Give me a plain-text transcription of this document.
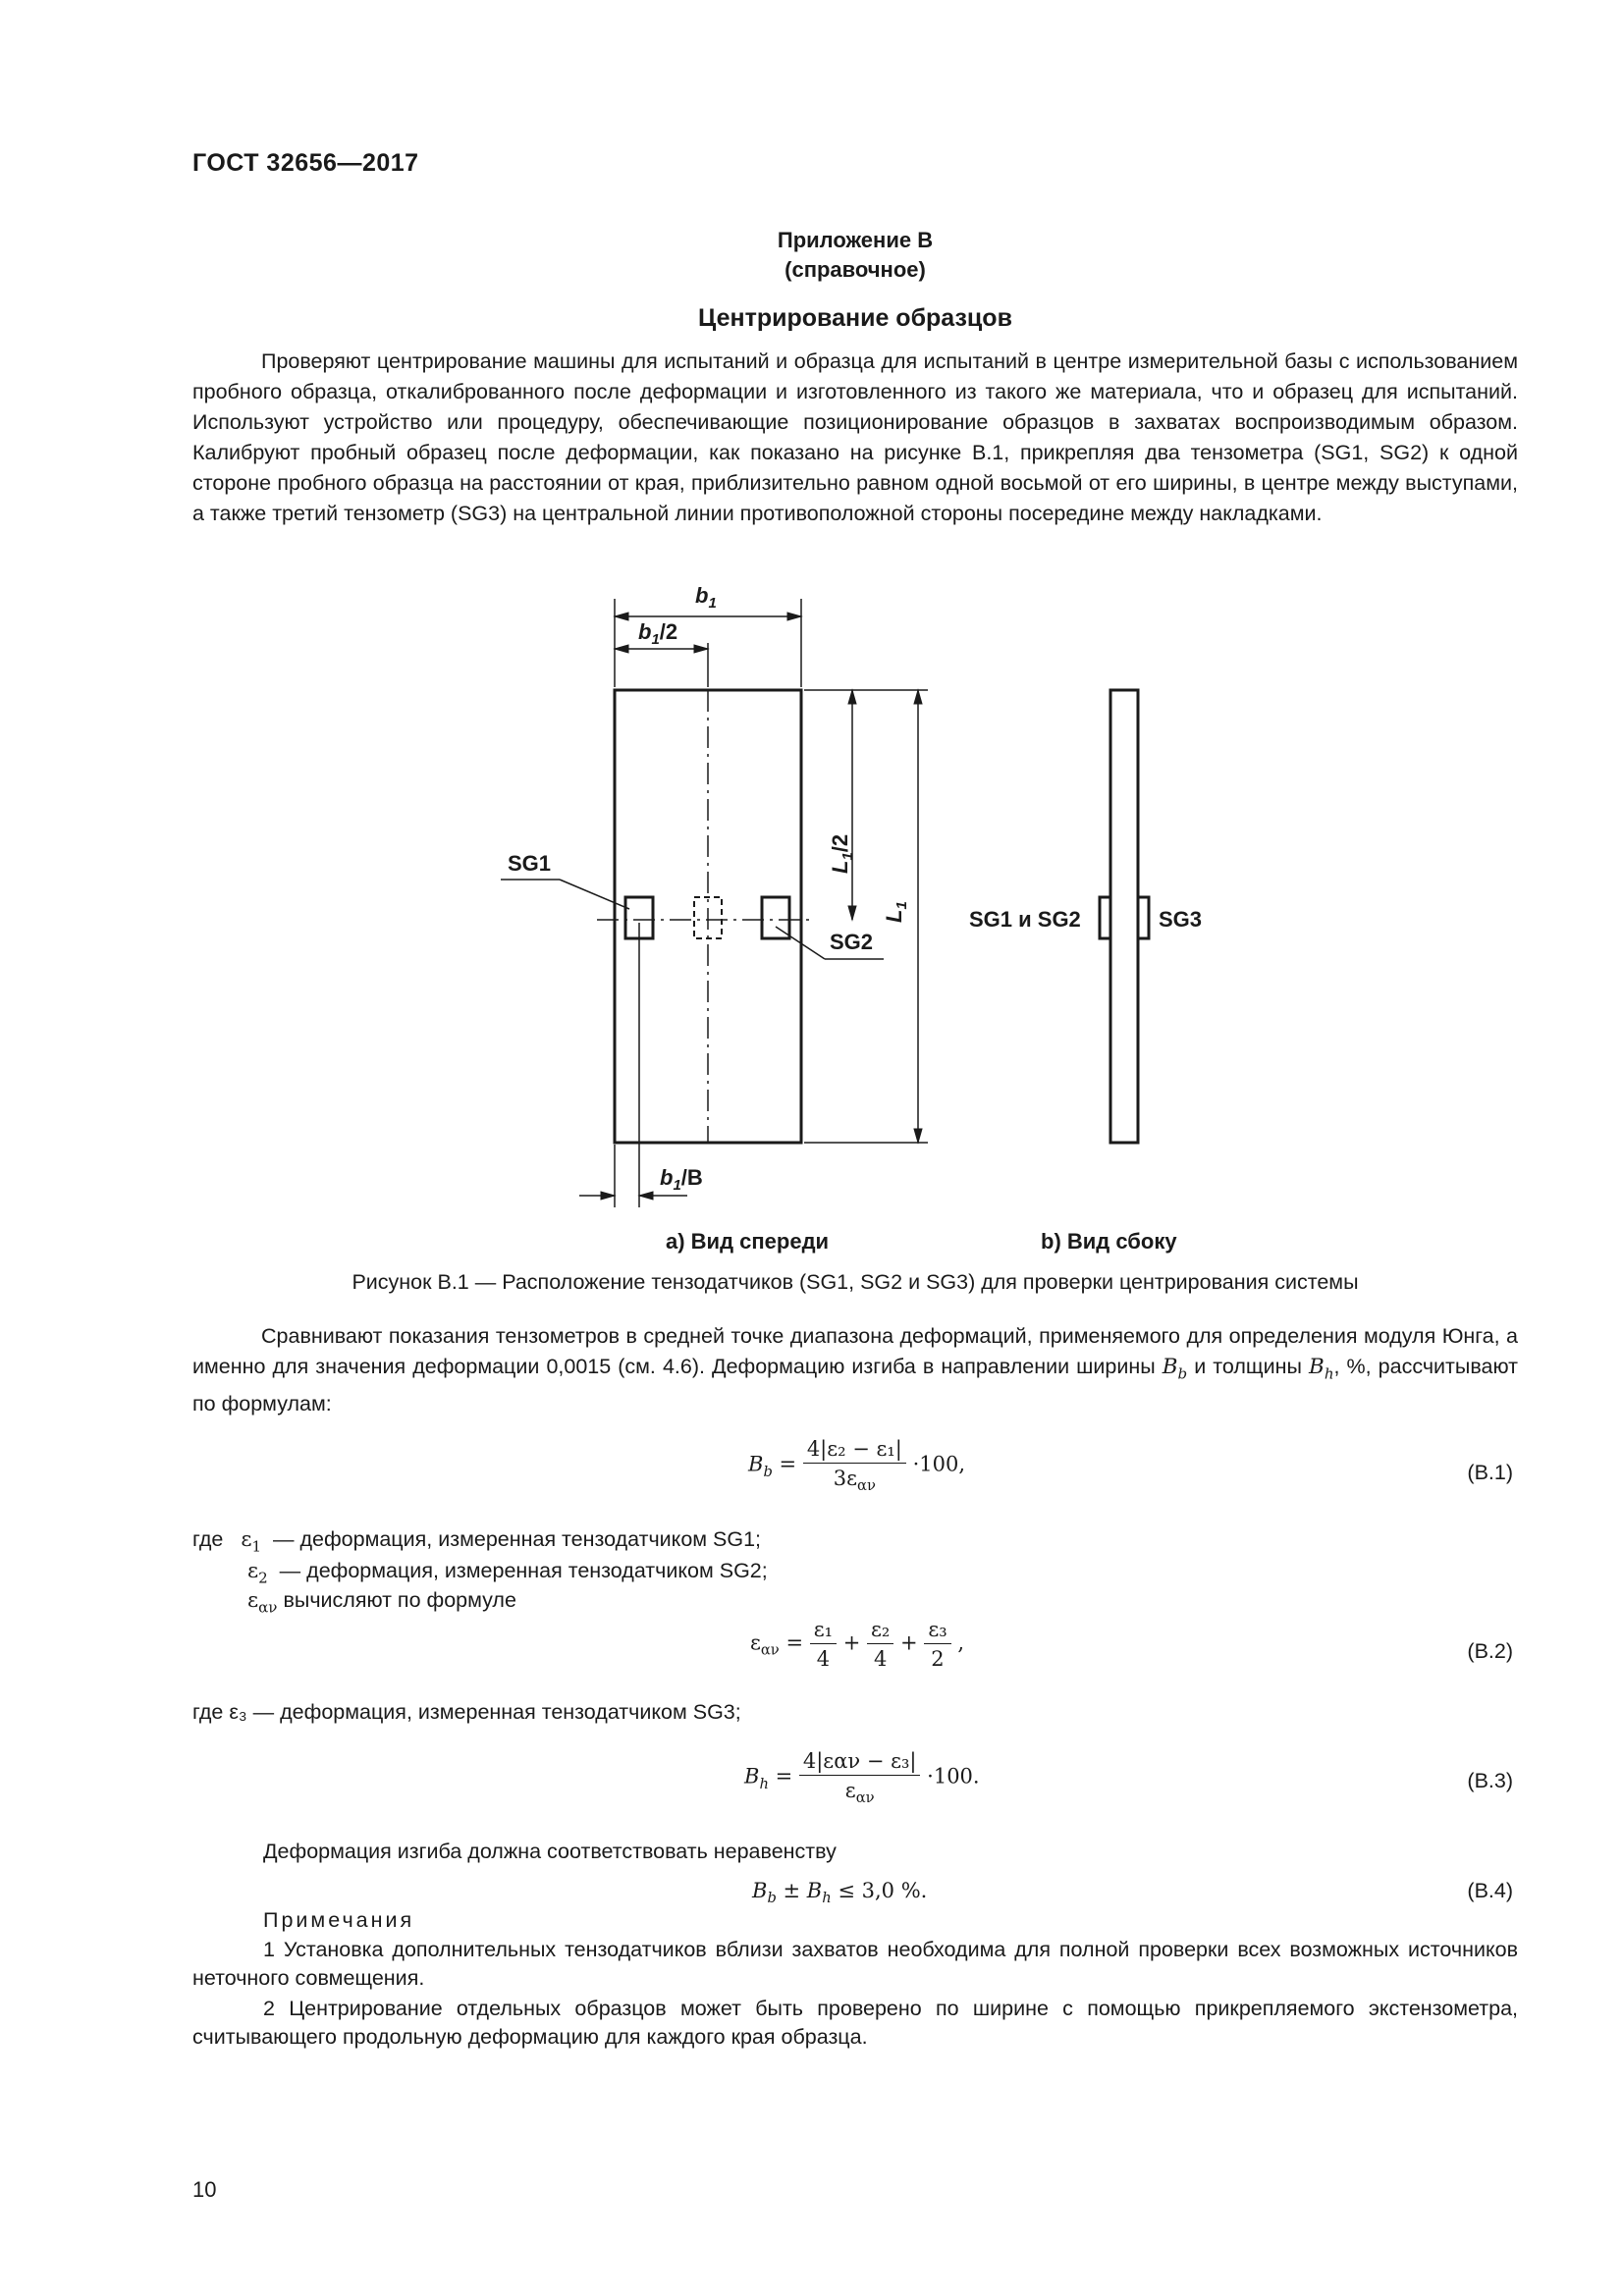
ГОСТ 32656—2017
Приложение В
(справочное)
Центрирование образцов
Проверяют центрирование машины для испытаний и образца для испытаний в центре измерительной базы с использованием пробного образца, откалиброванного после деформации и изготовленного из такого же материала, что и образец для испытаний. Используют устройство или процедуру, обеспечивающие позиционирование образцов в захватах воспроизводимым образом. Калибруют пробный образец после деформации, как показано на рисунке В.1, прикрепляя два тензометра (SG1, SG2) к одной стороне пробного образца на расстоянии от края, приблизительно равном одной восьмой от его ширины, в центре между выступами, а также третий тензометр (SG3) на центральной линии противоположной стороны посередине между накладками.
$b_1$
$b_1/2$
SG1
SG2
$L_1/2$
$L_1$
$b_1/В$
SG1 и SG2	SG3
a) Вид спереди	b) Вид сбоку
Рисунок В.1 — Расположение тензодатчиков (SG1, SG2 и SG3) для проверки центрирования системы
Сравнивают показания тензометров в средней точке диапазона деформаций, применяемого для определения модуля Юнга, а именно для значения деформации 0,0015 (см. 4.6). Деформацию изгиба в направлении ширины $B_b$ и толщины $B_h$, %, рассчитывают по формулам:
$B_b = \frac{\text{4|ε₂ − ε₁|}}{3\varepsilon_{\alpha\nu}} \cdot 100$,	(В.1)
где $\varepsilon_1$ — деформация, измеренная тензодатчиком SG1;
$\varepsilon_2$ — деформация, измеренная тензодатчиком SG2;
$\varepsilon_{\alpha\nu}$ вычисляют по формуле
$\varepsilon_{\alpha\nu} = \frac{\text{ε₁}}{4} + \frac{\text{ε₂}}{4} + \frac{\text{ε₃}}{2}$ ,	(В.2)
где ε₃ — деформация, измеренная тензодатчиком SG3;
$B_h = \frac{\text{4|εαν − ε₃|}}{\varepsilon_{\alpha\nu}} \cdot 100$.	(В.3)
Деформация изгиба должна соответствовать неравенству
$B_b \pm B_h \le 3,0$ %.	(В.4)
Примечания
1 Установка дополнительных тензодатчиков вблизи захватов необходима для полной проверки всех возможных источников неточного совмещения.
2 Центрирование отдельных образцов может быть проверено по ширине с помощью прикрепляемого экстензометра, считывающего продольную деформацию для каждого края образца.
10
